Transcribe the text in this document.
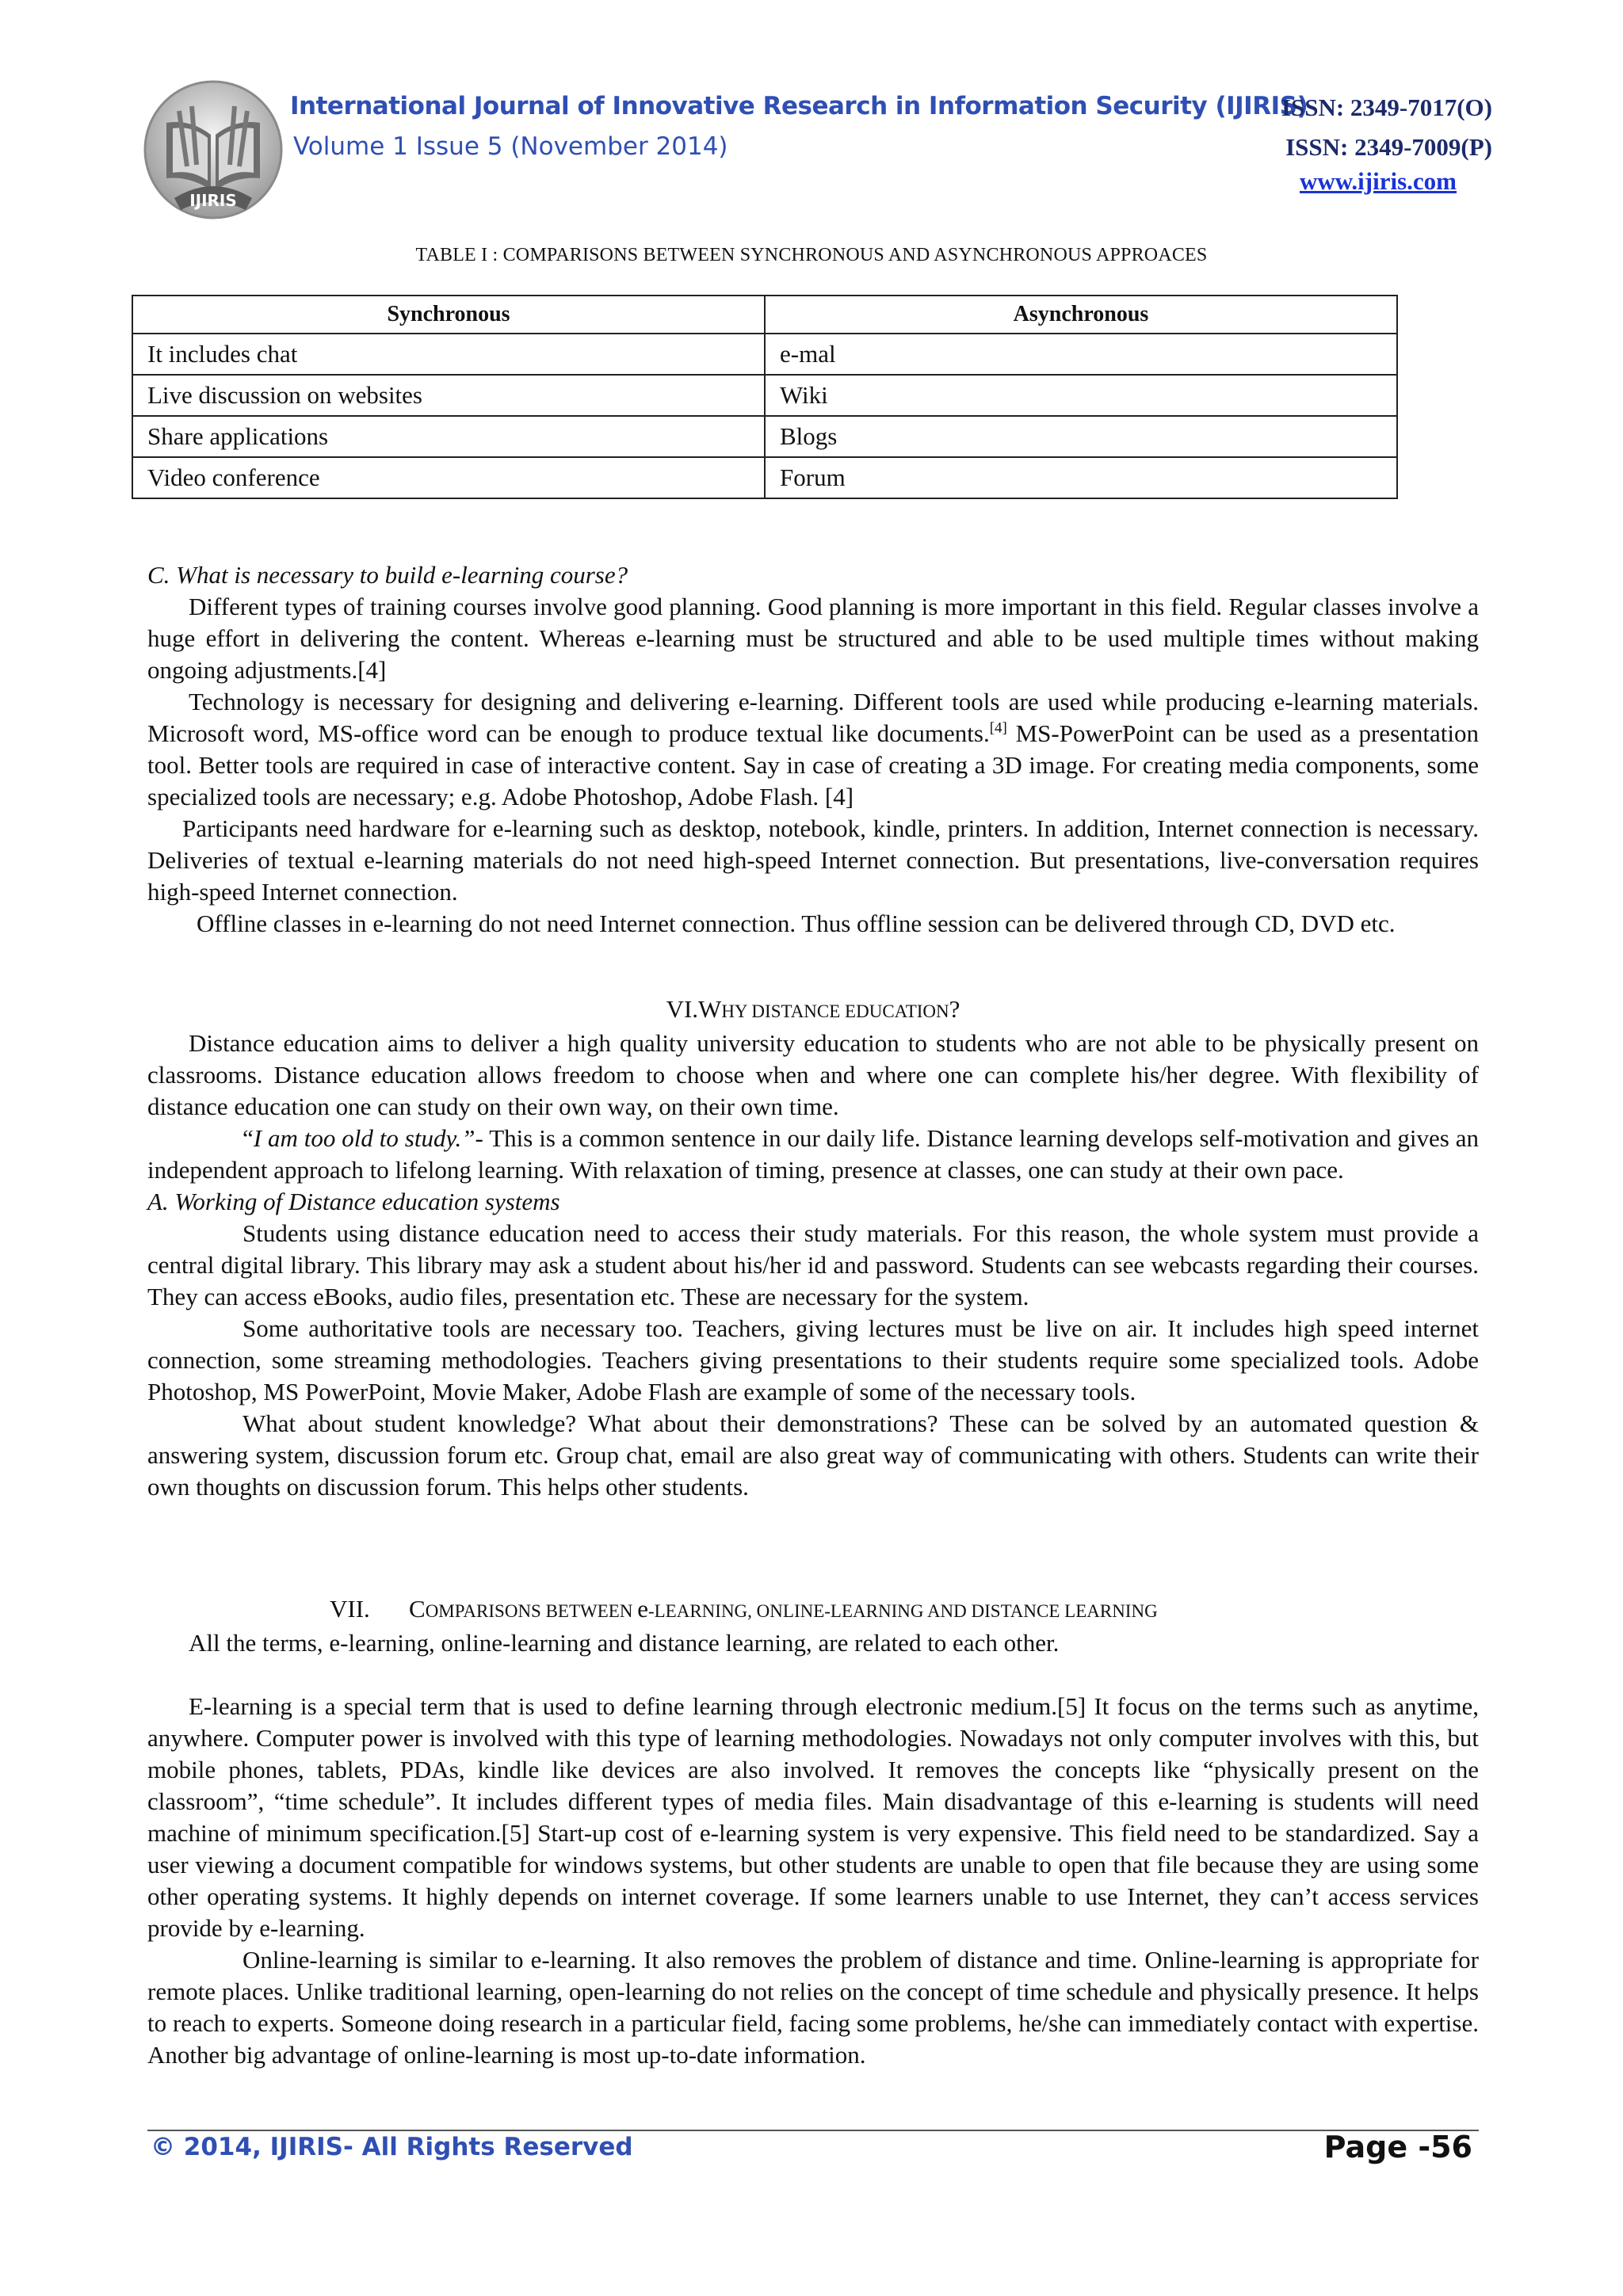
IJIRIS
International Journal of Innovative Research in Information Security (IJIRIS)
Volume 1 Issue 5 (November 2014)
ISSN: 2349-7017(O)
ISSN: 2349-7009(P)
www.ijiris.com
TABLE I : COMPARISONS BETWEEN SYNCHRONOUS AND ASYNCHRONOUS APPROACES
Synchronous	Asynchronous
It includes chat	e-mal
Live discussion on websites	Wiki
Share applications	Blogs
Video conference	Forum

C. What is necessary to build e-learning course?

Different types of training courses involve good planning. Good planning is more important in this field. Regular classes involve a huge effort in delivering the content. Whereas e-learning must be structured and able to be used multiple times without making ongoing adjustments.[4]

Technology is necessary for designing and delivering e-learning. Different tools are used while producing e-learning materials. Microsoft word, MS-office word can be enough to produce textual like documents.[4] MS-PowerPoint can be used as a presentation tool. Better tools are required in case of interactive content. Say in case of creating a 3D image. For creating media components, some specialized tools are necessary; e.g. Adobe Photoshop, Adobe Flash. [4]

Participants need hardware for e-learning such as desktop, notebook, kindle, printers. In addition, Internet connection is necessary. Deliveries of textual e-learning materials do not need high-speed Internet connection. But presentations, live-conversation requires high-speed Internet connection.

Offline classes in e-learning do not need Internet connection. Thus offline session can be delivered through CD, DVD etc.

VI.WHY DISTANCE EDUCATION?

Distance education aims to deliver a high quality university education to students who are not able to be physically present on classrooms. Distance education allows freedom to choose when and where one can complete his/her degree. With flexibility of distance education one can study on their own way, on their own time.

“I am too old to study.”- This is a common sentence in our daily life. Distance learning develops self-motivation and gives an independent approach to lifelong learning. With relaxation of timing, presence at classes, one can study at their own pace.

A. Working of Distance education systems

Students using distance education need to access their study materials. For this reason, the whole system must provide a central digital library. This library may ask a student about his/her id and password. Students can see webcasts regarding their courses. They can access eBooks, audio files, presentation etc. These are necessary for the system.

Some authoritative tools are necessary too. Teachers, giving lectures must be live on air. It includes high speed internet connection, some streaming methodologies. Teachers giving presentations to their students require some specialized tools. Adobe Photoshop, MS PowerPoint, Movie Maker, Adobe Flash are example of some of the necessary tools.

What about student knowledge? What about their demonstrations? These can be solved by an automated question & answering system, discussion forum etc. Group chat, email are also great way of communicating with others. Students can write their own thoughts on discussion forum. This helps other students.

VII. COMPARISONS BETWEEN e-LEARNING, ONLINE-LEARNING AND DISTANCE LEARNING

All the terms, e-learning, online-learning and distance learning, are related to each other.

E-learning is a special term that is used to define learning through electronic medium.[5] It focus on the terms such as anytime, anywhere. Computer power is involved with this type of learning methodologies. Nowadays not only computer involves with this, but mobile phones, tablets, PDAs, kindle like devices are also involved. It removes the concepts like “physically present on the classroom”, “time schedule”. It includes different types of media files. Main disadvantage of this e-learning is students will need machine of minimum specification.[5] Start-up cost of e-learning system is very expensive. This field need to be standardized. Say a user viewing a document compatible for windows systems, but other students are unable to open that file because they are using some other operating systems. It highly depends on internet coverage. If some learners unable to use Internet, they can’t access services provide by e-learning.

Online-learning is similar to e-learning. It also removes the problem of distance and time. Online-learning is appropriate for remote places. Unlike traditional learning, open-learning do not relies on the concept of time schedule and physically presence. It helps to reach to experts. Someone doing research in a particular field, facing some problems, he/she can immediately contact with expertise. Another big advantage of online-learning is most up-to-date information.

© 2014, IJIRIS- All Rights Reserved	Page -56
